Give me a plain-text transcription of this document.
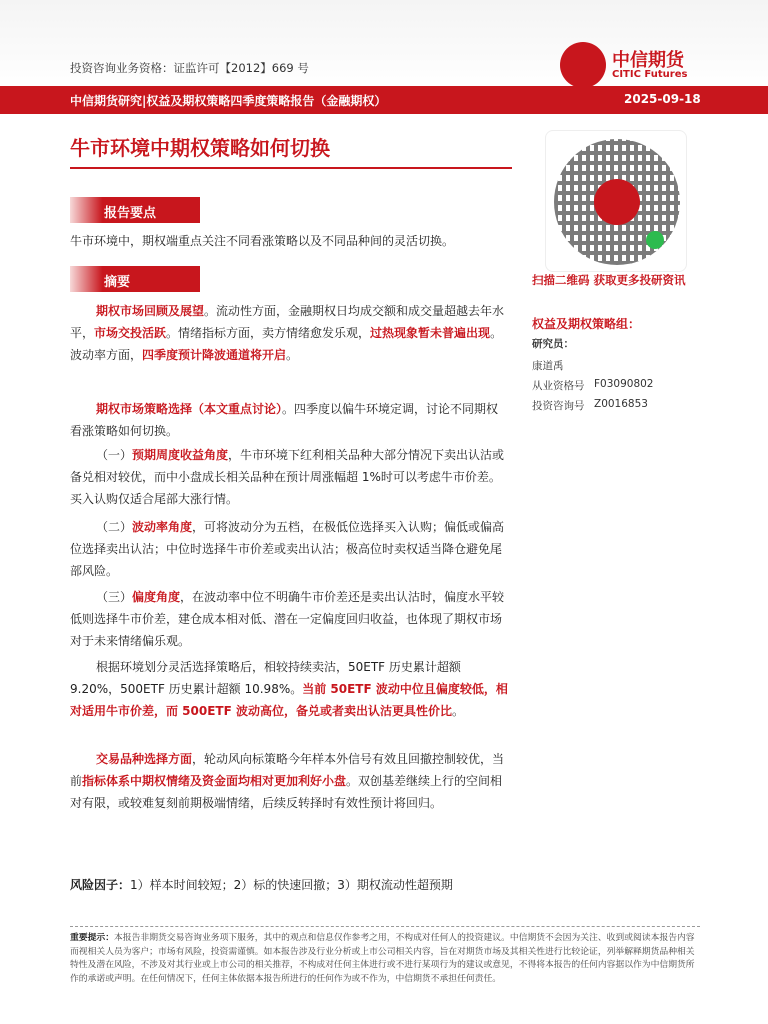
投资咨询业务资格：证监许可【2012】669 号	中信期货
CITIC Futures
中信期货研究|权益及期权策略四季度策略报告（金融期权）	2025-09-18
牛市环境中期权策略如何切换
报告要点
牛市环境中，期权端重点关注不同看涨策略以及不同品种间的灵活切换。
摘要
期权市场回顾及展望。流动性方面，金融期权日均成交额和成交量超越去年水平，市场交投活跃。情绪指标方面，卖方情绪愈发乐观，过热现象暂未普遍出现。波动率方面，四季度预计降波通道将开启。
期权市场策略选择（本文重点讨论）。四季度以偏牛环境定调，讨论不同期权看涨策略如何切换。
（一）预期周度收益角度，牛市环境下红利相关品种大部分情况下卖出认沽或备兑相对较优，而中小盘成长相关品种在预计周涨幅超 1%时可以考虑牛市价差。买入认购仅适合尾部大涨行情。
（二）波动率角度，可将波动分为五档，在极低位选择买入认购；偏低或偏高位选择卖出认沽；中位时选择牛市价差或卖出认沽；极高位时卖权适当降仓避免尾部风险。
（三）偏度角度，在波动率中位不明确牛市价差还是卖出认沽时，偏度水平较低则选择牛市价差，建仓成本相对低、潜在一定偏度回归收益，也体现了期权市场对于未来情绪偏乐观。
根据环境划分灵活选择策略后，相较持续卖沽，50ETF 历史累计超额 9.20%，500ETF 历史累计超额 10.98%。当前 50ETF 波动中位且偏度较低，相对适用牛市价差，而 500ETF 波动高位，备兑或者卖出认沽更具性价比。
交易品种选择方面，轮动风向标策略今年样本外信号有效且回撤控制较优，当前指标体系中期权情绪及资金面均相对更加利好小盘。双创基差继续上行的空间相对有限，或较难复刻前期极端情绪，后续反转择时有效性预计将回归。
风险因子：1）样本时间较短；2）标的快速回撤；3）期权流动性超预期
扫描二维码 获取更多投研资讯
权益及期权策略组：
研究员：
康道禹
从业资格号 F03090802
投资咨询号 Z0016853
重要提示：本报告非期货交易咨询业务项下服务，其中的观点和信息仅作参考之用，不构成对任何人的投资建议。中信期货不会因为关注、收到或阅读本报告内容而视相关人员为客户；市场有风险，投资需谨慎。如本报告涉及行业分析或上市公司相关内容，旨在对期货市场及其相关性进行比较论证，列举解释期货品种相关特性及潜在风险，不涉及对其行业或上市公司的相关推荐，不构成对任何主体进行或不进行某项行为的建议或意见，不得将本报告的任何内容据以作为中信期货所作的承诺或声明。在任何情况下，任何主体依据本报告所进行的任何作为或不作为，中信期货不承担任何责任。
